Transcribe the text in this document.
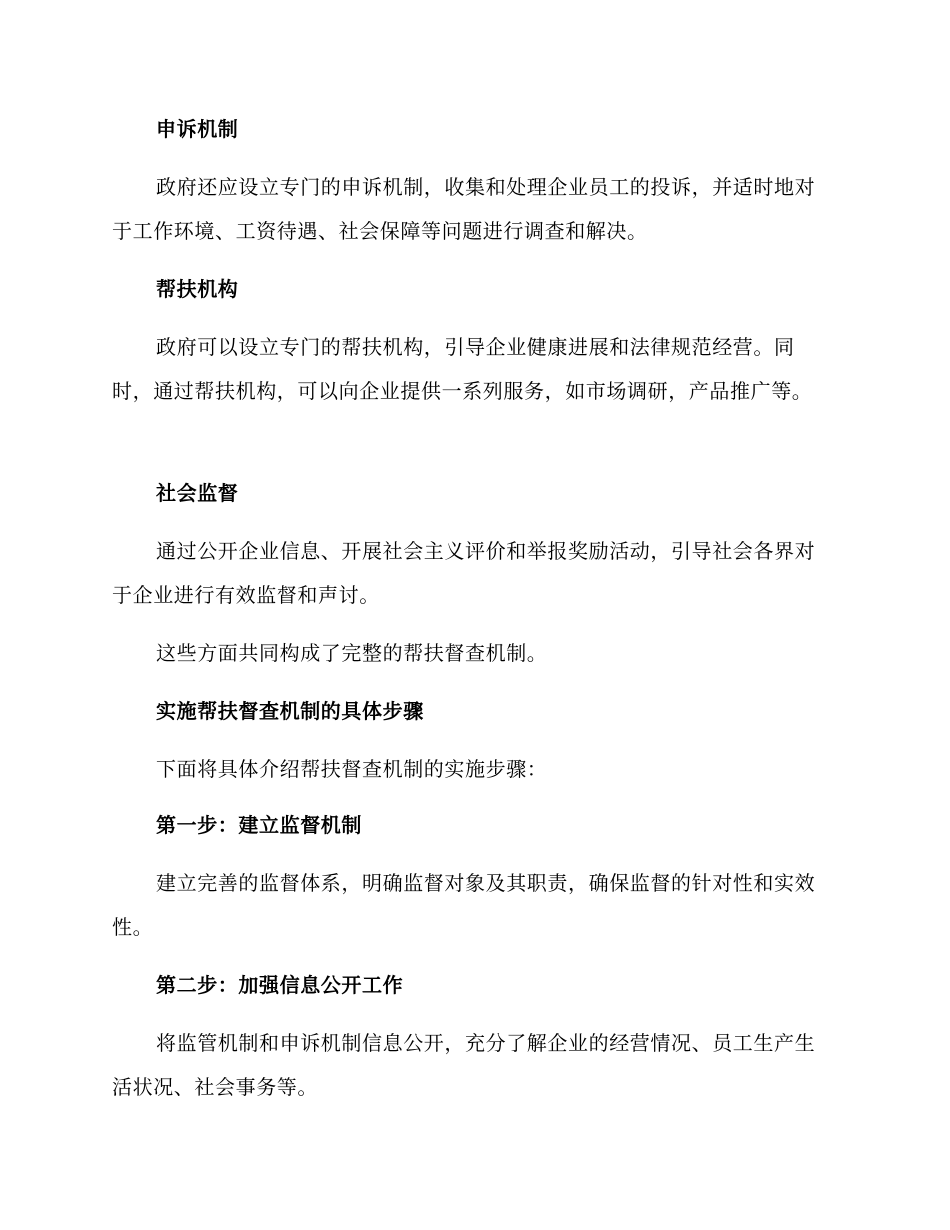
申诉机制

政府还应设立专门的申诉机制，收集和处理企业员工的投诉，并适时地对于工作环境、工资待遇、社会保障等问题进行调查和解决。

帮扶机构

政府可以设立专门的帮扶机构，引导企业健康进展和法律规范经营。同时，通过帮扶机构，可以向企业提供一系列服务，如市场调研，产品推广等。

社会监督

通过公开企业信息、开展社会主义评价和举报奖励活动，引导社会各界对于企业进行有效监督和声讨。

这些方面共同构成了完整的帮扶督查机制。

实施帮扶督查机制的具体步骤

下面将具体介绍帮扶督查机制的实施步骤：

第一步：建立监督机制

建立完善的监督体系，明确监督对象及其职责，确保监督的针对性和实效性。

第二步：加强信息公开工作

将监管机制和申诉机制信息公开，充分了解企业的经营情况、员工生产生活状况、社会事务等。
